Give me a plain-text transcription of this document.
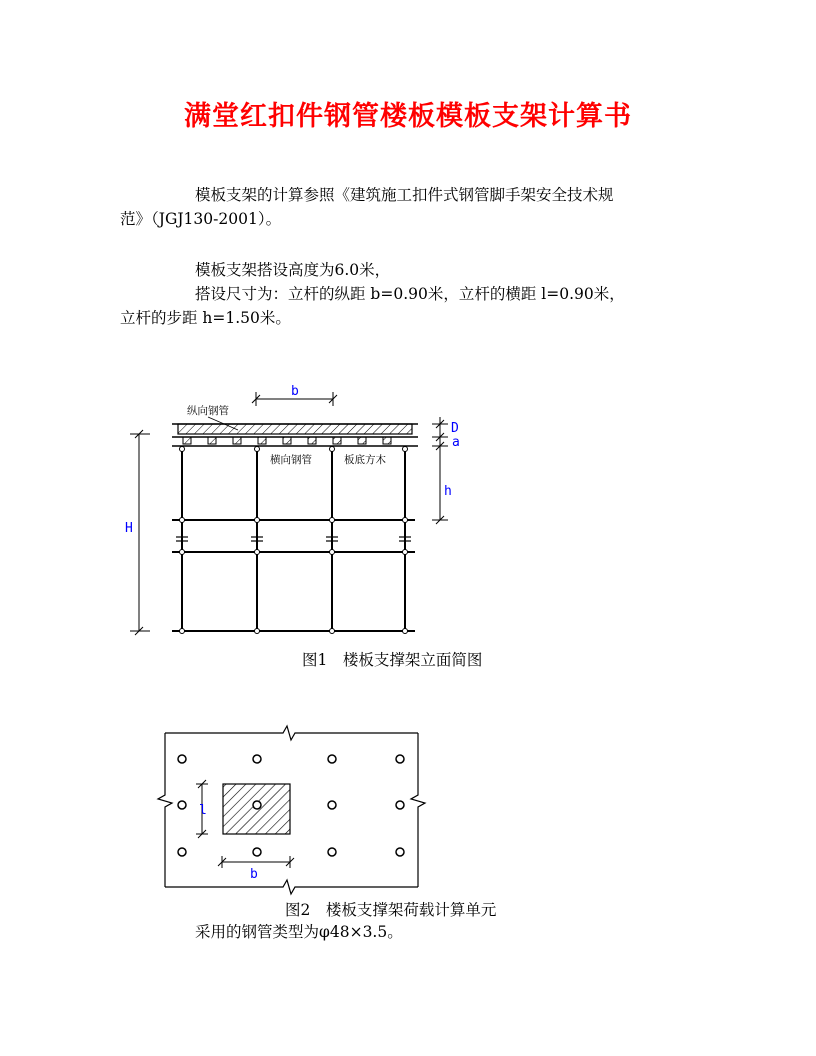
满堂红扣件钢管楼板模板支架计算书

模板支架的计算参照《建筑施工扣件式钢管脚手架安全技术规

范》（JGJ130-2001）。

模板支架搭设高度为6.0米，

搭设尺寸为：立杆的纵距 b=0.90米，立杆的横距 l=0.90米，

立杆的步距 h=1.50米。

b
纵向钢管
横向钢管	板底方木
D
a
h
H
l
b
图1　楼板支撑架立面简图
图2　楼板支撑架荷载计算单元

采用的钢管类型为φ48×3.5。
